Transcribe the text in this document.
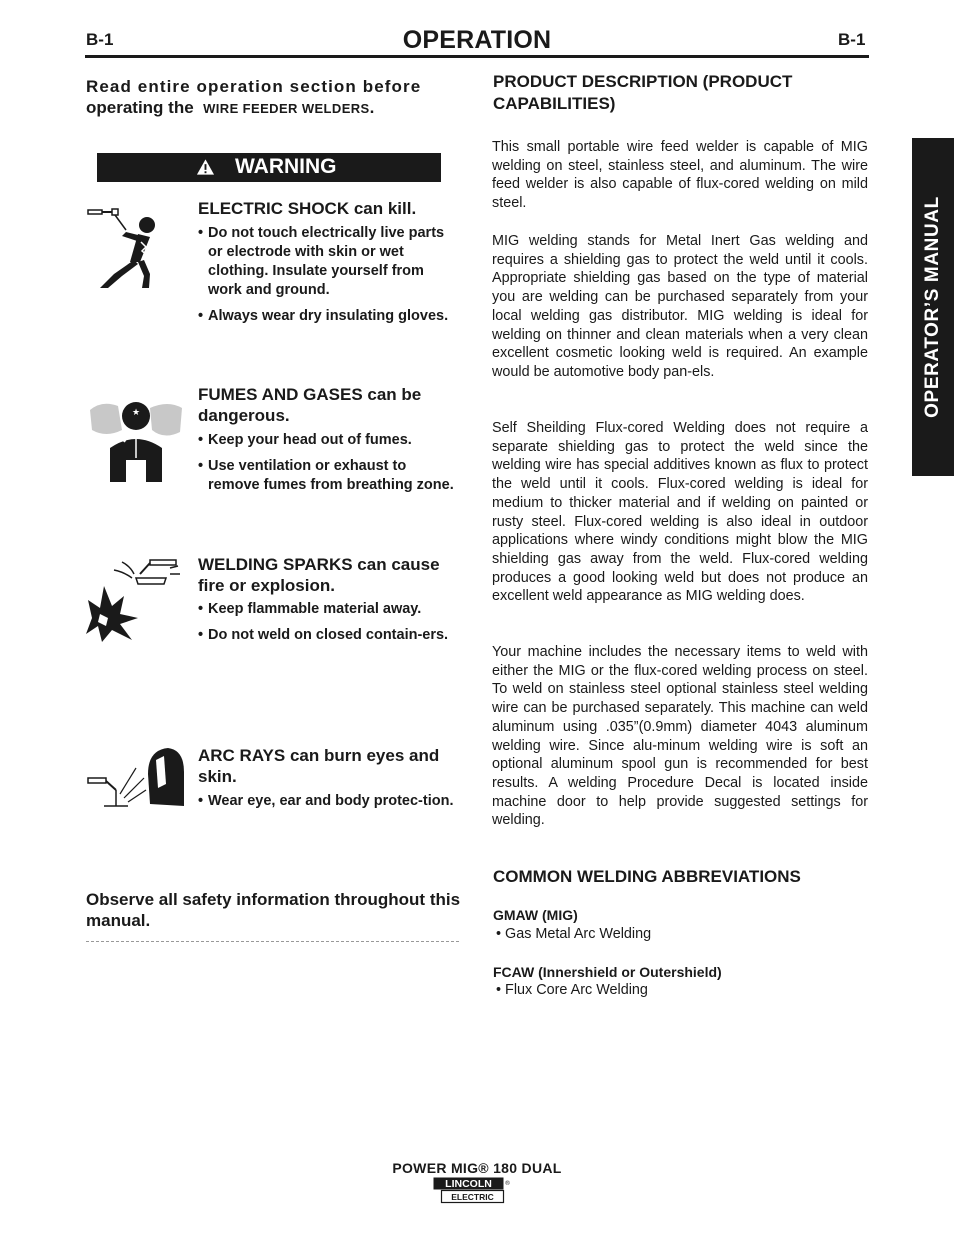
B-1	OPERATION	B-1
OPERATOR’S MANUAL
Read entire operation section before
operating the WIRE FEEDER WELDERS.
WARNING
ELECTRIC SHOCK can kill.
• Do not touch electrically live parts or electrode with skin or wet clothing. Insulate yourself from work and ground.
• Always wear dry insulating gloves.
★
FUMES AND GASES can be dangerous.
• Keep your head out of fumes.
• Use ventilation or exhaust to remove fumes from breathing zone.
WELDING SPARKS can cause fire or explosion.
• Keep flammable material away.
• Do not weld on closed contain-ers.
ARC RAYS can burn eyes and skin.
• Wear eye, ear and body protec-tion.
Observe all safety information throughout this manual.
PRODUCT DESCRIPTION (PRODUCT CAPABILITIES)
This small portable wire feed welder is capable of MIG welding on steel, stainless steel, and aluminum. The wire feed welder is also capable of flux-cored welding on mild steel.
MIG welding stands for Metal Inert Gas welding and requires a shielding gas to protect the weld until it cools. Appropriate shielding gas based on the type of material you are welding can be purchased separately from your local welding gas distributor. MIG welding is ideal for welding on thinner and clean materials when a very clean excellent cosmetic looking weld is required. An example would be automotive body pan-els.
Self Sheilding Flux-cored Welding does not require a separate shielding gas to protect the weld since the welding wire has special additives known as flux to protect the weld until it cools. Flux-cored welding is ideal for medium to thicker material and if welding on painted or rusty steel. Flux-cored welding is also ideal in outdoor applications where windy conditions might blow the MIG shielding gas away from the weld. Flux-cored welding produces a good looking weld but does not produce an excellent weld appearance as MIG welding does.
Your machine includes the necessary items to weld with either the MIG or the flux-cored welding process on steel. To weld on stainless steel optional stainless steel welding wire can be purchased separately. This machine can weld aluminum using .035”(0.9mm) diameter 4043 aluminum welding wire. Since alu-minum welding wire is soft an optional aluminum spool gun is recommended for best results. A welding Procedure Decal is located inside machine door to help provide suggested settings for welding.
COMMON WELDING ABBREVIATIONS
GMAW (MIG)
• Gas Metal Arc Welding
FCAW (Innershield or Outershield)
• Flux Core Arc Welding
POWER MIG® 180 DUAL
LINCOLN
ELECTRIC
®
